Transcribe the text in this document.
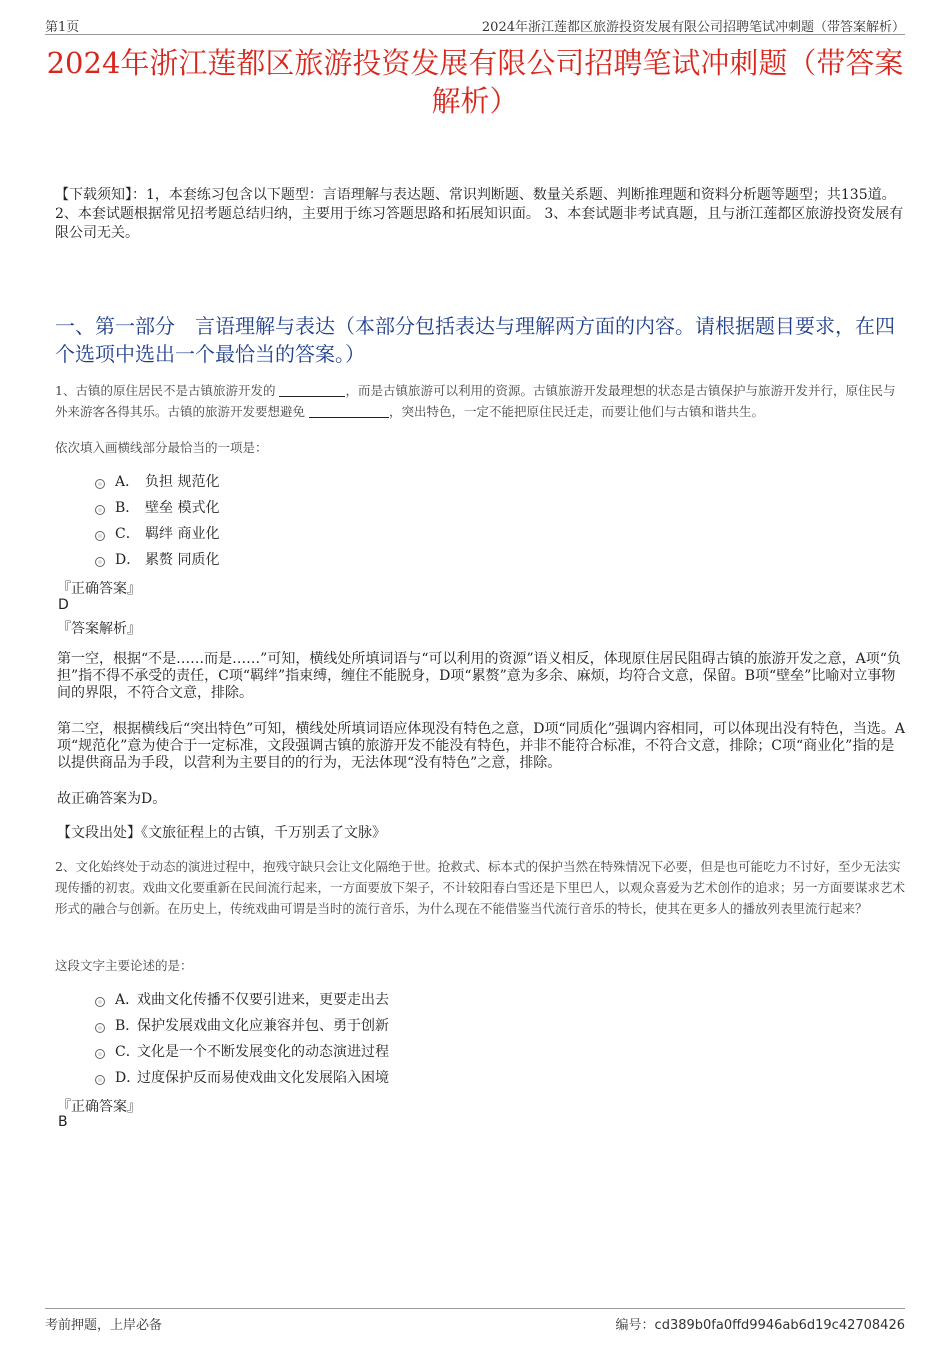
第1页	2024年浙江莲都区旅游投资发展有限公司招聘笔试冲刺题（带答案解析）
2024年浙江莲都区旅游投资发展有限公司招聘笔试冲刺题（带答案解析）
【下载须知】：1，本套练习包含以下题型：言语理解与表达题、常识判断题、数量关系题、判断推理题和资料分析题等题型；共135道。 2、本套试题根据常见招考题总结归纳，主要用于练习答题思路和拓展知识面。 3、本套试题非考试真题，且与浙江莲都区旅游投资发展有限公司无关。
一、第一部分　言语理解与表达（本部分包括表达与理解两方面的内容。请根据题目要求，在四个选项中选出一个最恰当的答案。）
1、古镇的原住居民不是古镇旅游开发的	，而是古镇旅游可以利用的资源。古镇旅游开发最理想的状态是古镇保护与旅游开发并行，原住民与外来游客各得其乐。古镇的旅游开发要想避免	，突出特色，一定不能把原住民迁走，而要让他们与古镇和谐共生。
依次填入画横线部分最恰当的一项是：
A． 负担 规范化
B． 壁垒 模式化
C． 羁绊 商业化
D． 累赘 同质化
『正确答案』
D
『答案解析』
第一空，根据“不是……而是……”可知，横线处所填词语与“可以利用的资源”语义相反，体现原住居民阻碍古镇的旅游开发之意，A项“负担”指不得不承受的责任，C项“羁绊”指束缚，缠住不能脱身，D项“累赘”意为多余、麻烦，均符合文意，保留。B项“壁垒”比喻对立事物间的界限，不符合文意，排除。
第二空，根据横线后“突出特色”可知，横线处所填词语应体现没有特色之意，D项“同质化”强调内容相同，可以体现出没有特色，当选。A项“规范化”意为使合于一定标准，文段强调古镇的旅游开发不能没有特色，并非不能符合标准，不符合文意，排除；C项“商业化”指的是以提供商品为手段，以营利为主要目的的行为，无法体现“没有特色”之意，排除。
故正确答案为D。
【文段出处】《文旅征程上的古镇，千万别丢了文脉》
2、文化始终处于动态的演进过程中，抱残守缺只会让文化隔绝于世。抢救式、标本式的保护当然在特殊情况下必要，但是也可能吃力不讨好，至少无法实现传播的初衷。戏曲文化要重新在民间流行起来，一方面要放下架子，不计较阳春白雪还是下里巴人，以观众喜爱为艺术创作的追求；另一方面要谋求艺术形式的融合与创新。在历史上，传统戏曲可谓是当时的流行音乐，为什么现在不能借鉴当代流行音乐的特长，使其在更多人的播放列表里流行起来？
这段文字主要论述的是：
A．
戏曲文化传播不仅要引进来，更要走出去
B．
保护发展戏曲文化应兼容并包、勇于创新
C．
文化是一个不断发展变化的动态演进过程
D．
过度保护反而易使戏曲文化发展陷入困境
『正确答案』
B
考前押题，上岸必备	编号：cd389b0fa0ffd9946ab6d19c42708426
